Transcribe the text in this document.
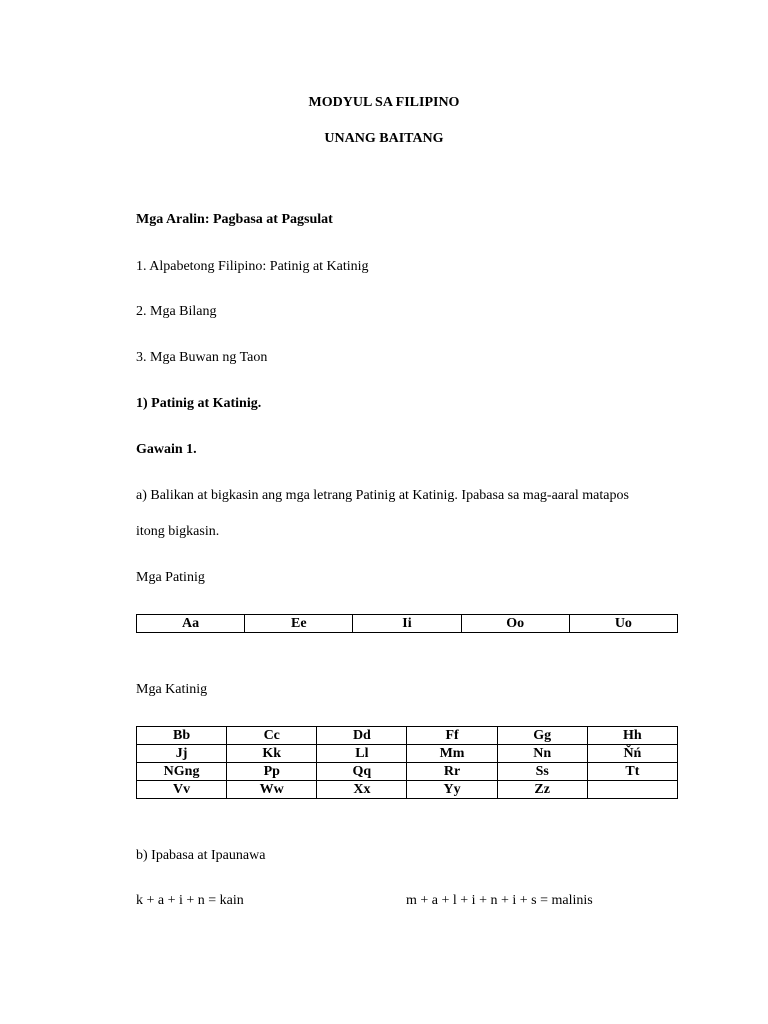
MODYUL SA FILIPINO
UNANG BAITANG
Mga Aralin: Pagbasa at Pagsulat
1. Alpabetong Filipino: Patinig at Katinig
2. Mga Bilang
3. Mga Buwan ng Taon
1) Patinig at Katinig.
Gawain 1.
a) Balikan at bigkasin ang mga letrang Patinig at Katinig. Ipabasa sa mag-aaral matapos
itong bigkasin.
Mga Patinig
Aa	Ee	Ii	Oo	Uo
Mga Katinig
Bb	Cc	Dd	Ff	Gg	Hh
Jj	Kk	Ll	Mm	Nn	Ňń
NGng	Pp	Qq	Rr	Ss	Tt
Vv	Ww	Xx	Yy	Zz	
b) Ipabasa at Ipaunawa
k + a + i + n = kain	m + a + l + i + n + i + s = malinis
